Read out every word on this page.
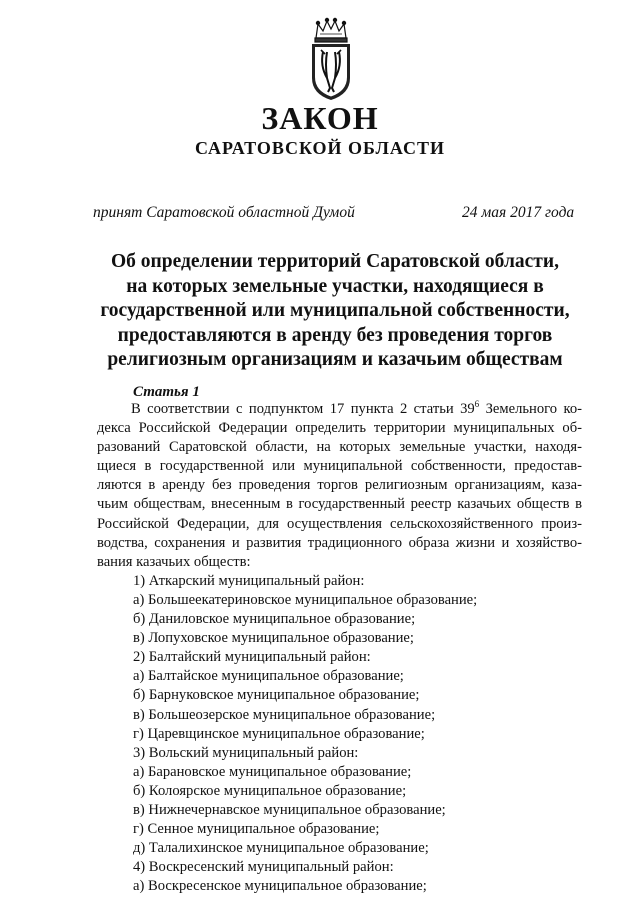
ЗАКОН
САРАТОВСКОЙ ОБЛАСТИ
принят Саратовской областной Думой	24 мая 2017 года
Об определении территорий Саратовской области,
на которых земельные участки, находящиеся в
государственной или муниципальной собственности,
предоставляются в аренду без проведения торгов
религиозным организациям и казачьим обществам
Статья 1
В соответствии с подпунктом 17 пункта 2 статьи $39^6$ Земельного ко-
декса Российской Федерации определить территории муниципальных об-
разований Саратовской области, на которых земельные участки, находя-
щиеся в государственной или муниципальной собственности, предостав-
ляются в аренду без проведения торгов религиозным организациям, каза-
чьим обществам, внесенным в государственный реестр казачьих обществ в
Российской Федерации, для осуществления сельскохозяйственного произ-
водства, сохранения и развития традиционного образа жизни и хозяйство-
вания казачьих обществ:
1) Аткарский муниципальный район:
а) Большеекатериновское муниципальное образование;
б) Даниловское муниципальное образование;
в) Лопуховское муниципальное образование;
2) Балтайский муниципальный район:
а) Балтайское муниципальное образование;
б) Барнуковское муниципальное образование;
в) Большеозерское муниципальное образование;
г) Царевщинское муниципальное образование;
3) Вольский муниципальный район:
а) Барановское муниципальное образование;
б) Колоярское муниципальное образование;
в) Нижнечернавское муниципальное образование;
г) Сенное муниципальное образование;
д) Талалихинское муниципальное образование;
4) Воскресенский муниципальный район:
а) Воскресенское муниципальное образование;
